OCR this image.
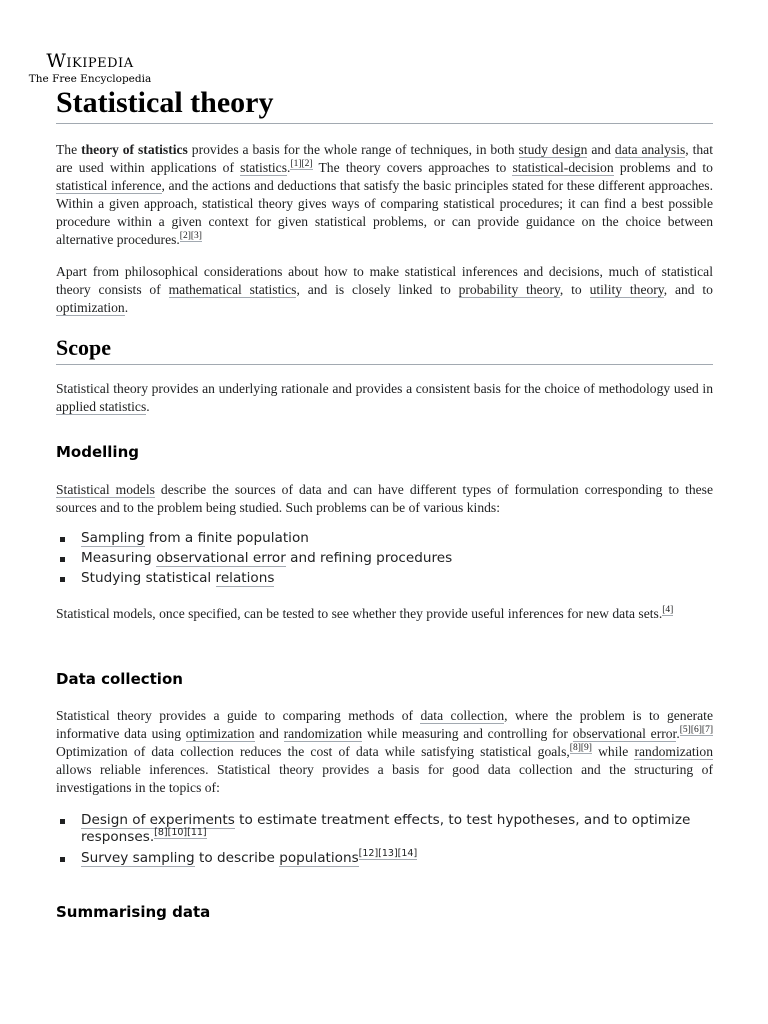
Wikipedia
The Free Encyclopedia
Statistical theory

The theory of statistics provides a basis for the whole range of techniques, in both study design and data analysis, that are used within applications of statistics.[1][2] The theory covers approaches to statistical-decision problems and to statistical inference, and the actions and deductions that satisfy the basic principles stated for these different approaches. Within a given approach, statistical theory gives ways of comparing statistical procedures; it can find a best possible procedure within a given context for given statistical problems, or can provide guidance on the choice between alternative procedures.[2][3]

Apart from philosophical considerations about how to make statistical inferences and decisions, much of statistical theory consists of mathematical statistics, and is closely linked to probability theory, to utility theory, and to optimization.

Scope

Statistical theory provides an underlying rationale and provides a consistent basis for the choice of methodology used in applied statistics.

Modelling

Statistical models describe the sources of data and can have different types of formulation corresponding to these sources and to the problem being studied. Such problems can be of various kinds:

Sampling from a finite population
Measuring observational error and refining procedures
Studying statistical relations

Statistical models, once specified, can be tested to see whether they provide useful inferences for new data sets.[4]

Data collection

Statistical theory provides a guide to comparing methods of data collection, where the problem is to generate informative data using optimization and randomization while measuring and controlling for observational error.[5][6][7] Optimization of data collection reduces the cost of data while satisfying statistical goals,[8][9] while randomization allows reliable inferences. Statistical theory provides a basis for good data collection and the structuring of investigations in the topics of:

Design of experiments to estimate treatment effects, to test hypotheses, and to optimize responses.[8][10][11]
Survey sampling to describe populations[12][13][14]
Summarising data
